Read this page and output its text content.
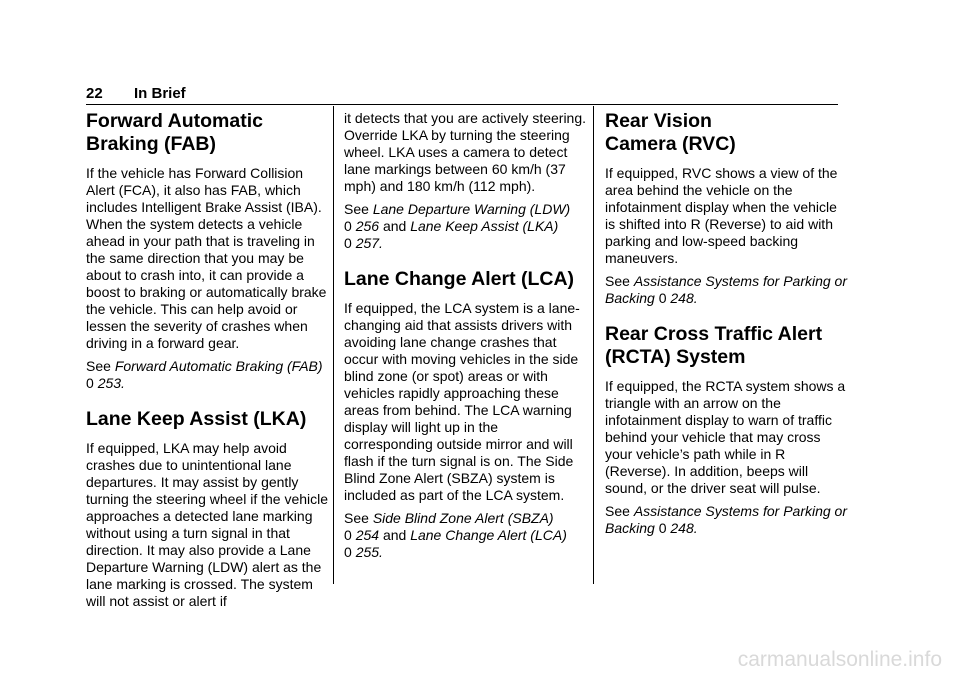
22 In Brief
Forward Automatic
Braking (FAB)

If the vehicle has Forward Collision Alert (FCA), it also has FAB, which includes Intelligent Brake Assist (IBA). When the system detects a vehicle ahead in your path that is traveling in the same direction that you may be about to crash into, it can provide a boost to braking or automatically brake the vehicle. This can help avoid or lessen the severity of crashes when driving in a forward gear.

See Forward Automatic Braking (FAB) 0 253.

Lane Keep Assist (LKA)

If equipped, LKA may help avoid crashes due to unintentional lane departures. It may assist by gently turning the steering wheel if the vehicle approaches a detected lane marking without using a turn signal in that direction. It may also provide a Lane Departure Warning (LDW) alert as the lane marking is crossed. The system will not assist or alert if

it detects that you are actively steering. Override LKA by turning the steering wheel. LKA uses a camera to detect lane markings between 60 km/h (37 mph) and 180 km/h (112 mph).

See Lane Departure Warning (LDW)
0 256 and Lane Keep Assist (LKA)
0 257.

Lane Change Alert (LCA)

If equipped, the LCA system is a lane-changing aid that assists drivers with avoiding lane change crashes that occur with moving vehicles in the side blind zone (or spot) areas or with vehicles rapidly approaching these areas from behind. The LCA warning display will light up in the corresponding outside mirror and will flash if the turn signal is on. The Side Blind Zone Alert (SBZA) system is included as part of the LCA system.

See Side Blind Zone Alert (SBZA)
0 254 and Lane Change Alert (LCA)
0 255.

Rear Vision
Camera (RVC)

If equipped, RVC shows a view of the area behind the vehicle on the infotainment display when the vehicle is shifted into R (Reverse) to aid with parking and low-speed backing maneuvers.

See Assistance Systems for Parking or Backing 0 248.

Rear Cross Traffic Alert
(RCTA) System

If equipped, the RCTA system shows a triangle with an arrow on the infotainment display to warn of traffic behind your vehicle that may cross your vehicle’s path while in R (Reverse). In addition, beeps will sound, or the driver seat will pulse.

See Assistance Systems for Parking or Backing 0 248.

carmanualsonline.info
